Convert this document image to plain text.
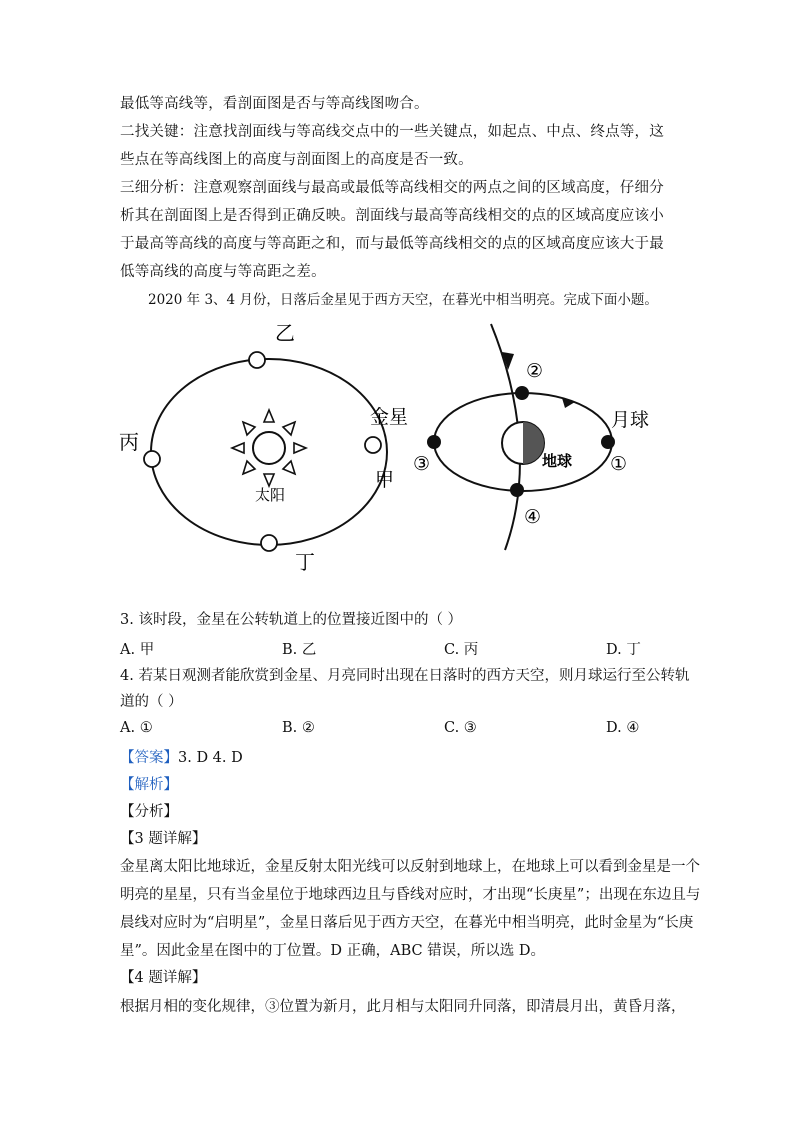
最低等高线等，看剖面图是否与等高线图吻合。

二找关键：注意找剖面线与等高线交点中的一些关键点，如起点、中点、终点等，这些点在等高线图上的高度与剖面图上的高度是否一致。

三细分析：注意观察剖面线与最高或最低等高线相交的两点之间的区域高度，仔细分析其在剖面图上是否得到正确反映。剖面线与最高等高线相交的点的区域高度应该小于最高等高线的高度与等高距之和，而与最低等高线相交的点的区域高度应该大于最低等高线的高度与等高距之差。

2020 年 3、4 月份，日落后金星见于西方天空，在暮光中相当明亮。完成下面小题。
太阳
乙
金星
丙
甲
丁
地球
月球
①
②
③
④
3. 该时段，金星在公转轨道上的位置接近图中的（ ）
A. 甲	B. 乙	C. 丙	D. 丁
4. 若某日观测者能欣赏到金星、月亮同时出现在日落时的西方天空，则月球运行至公转轨
道的（ ）
A. ①	B. ②	C. ③	D. ④
【答案】3. D 4. D
【解析】
【分析】
【3 题详解】
金星离太阳比地球近，金星反射太阳光线可以反射到地球上，在地球上可以看到金星是一个
明亮的星星，只有当金星位于地球西边且与昏线对应时，才出现“长庚星”；出现在东边且与
晨线对应时为“启明星”，金星日落后见于西方天空，在暮光中相当明亮，此时金星为“长庚
星”。因此金星在图中的丁位置。D 正确，ABC 错误，所以选 D。
【4 题详解】
根据月相的变化规律，③位置为新月，此月相与太阳同升同落，即清晨月出，黄昏月落，
